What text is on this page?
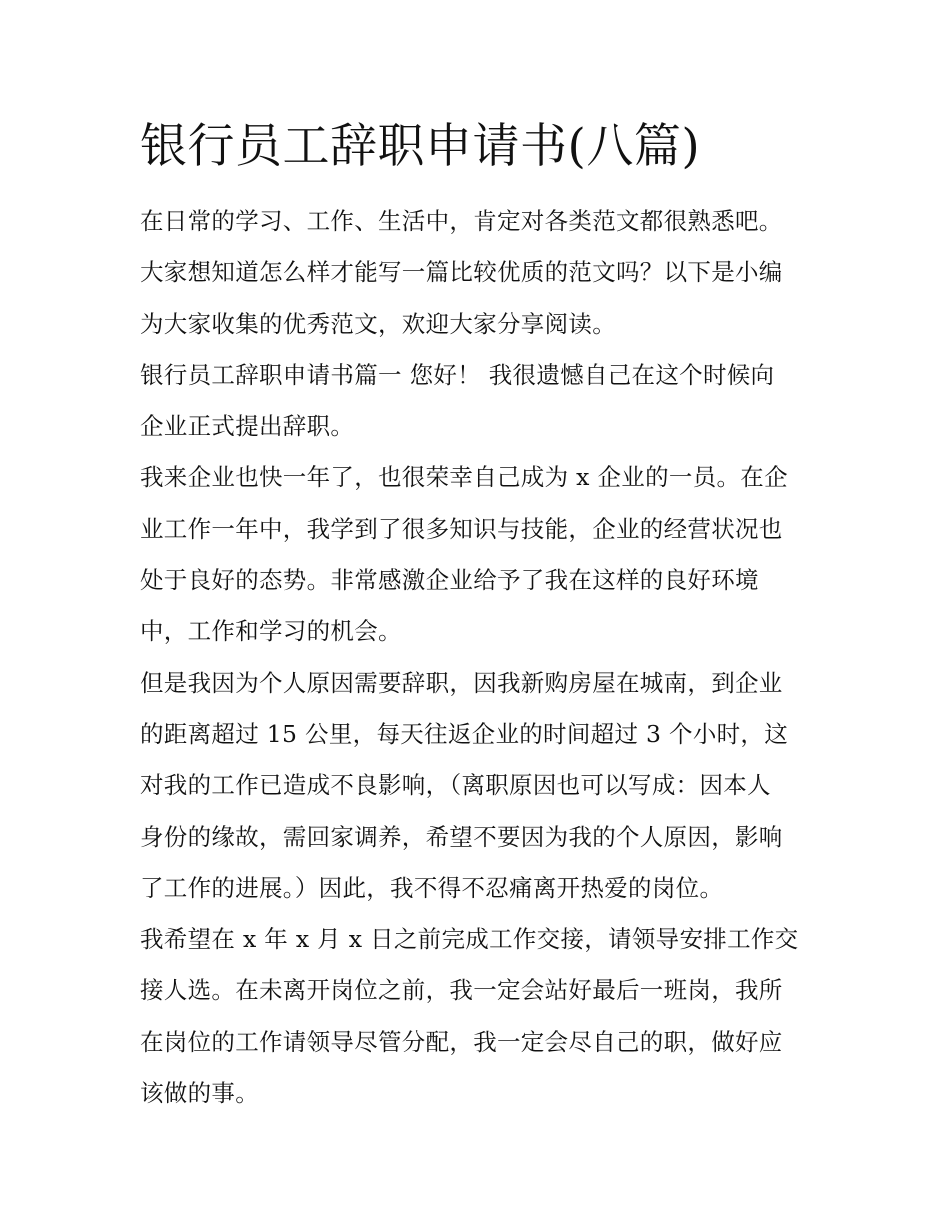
银行员工辞职申请书(八篇)

在日常的学习、工作、生活中，肯定对各类范文都很熟悉吧。
大家想知道怎么样才能写一篇比较优质的范文吗？以下是小编
为大家收集的优秀范文，欢迎大家分享阅读。

银行员工辞职申请书篇一 您好！ 我很遗憾自己在这个时候向
企业正式提出辞职。

我来企业也快一年了，也很荣幸自己成为 x 企业的一员。在企
业工作一年中，我学到了很多知识与技能，企业的经营状况也
处于良好的态势。非常感激企业给予了我在这样的良好环境
中，工作和学习的机会。

但是我因为个人原因需要辞职，因我新购房屋在城南，到企业
的距离超过 15 公里，每天往返企业的时间超过 3 个小时，这
对我的工作已造成不良影响，（离职原因也可以写成：因本人
身份的缘故，需回家调养，希望不要因为我的个人原因，影响
了工作的进展。）因此，我不得不忍痛离开热爱的岗位。

我希望在 x 年 x 月 x 日之前完成工作交接，请领导安排工作交
接人选。在未离开岗位之前，我一定会站好最后一班岗，我所
在岗位的工作请领导尽管分配，我一定会尽自己的职，做好应
该做的事。
